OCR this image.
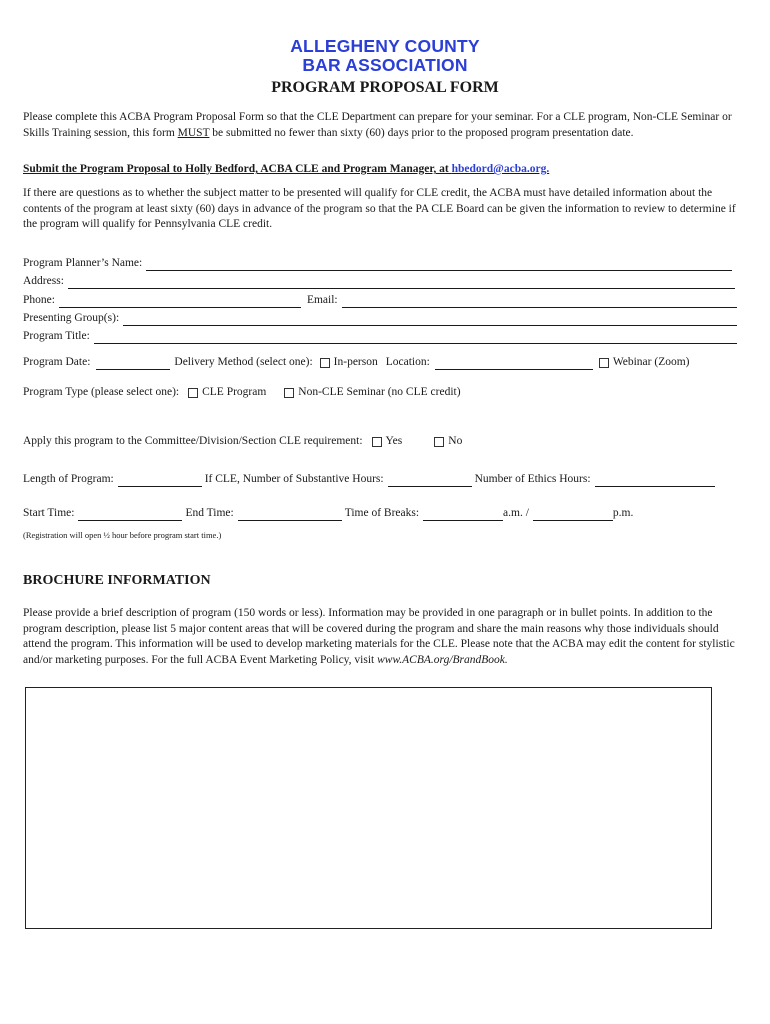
ALLEGHENY COUNTY
BAR ASSOCIATION
PROGRAM PROPOSAL FORM
Please complete this ACBA Program Proposal Form so that the CLE Department can prepare for your seminar. For a CLE program, Non-CLE Seminar or Skills Training session, this form MUST be submitted no fewer than sixty (60) days prior to the proposed program presentation date.
Submit the Program Proposal to Holly Bedford, ACBA CLE and Program Manager, at hbedord@acba.org.
If there are questions as to whether the subject matter to be presented will qualify for CLE credit, the ACBA must have detailed information about the contents of the program at least sixty (60) days in advance of the program so that the PA CLE Board can be given the information to review to determine if the program will qualify for Pennsylvania CLE credit.
Program Planner’s Name:
Address:
Phone:	Email:
Presenting Group(s):
Program Title:
Program Date:	Delivery Method (select one): In-person Location:	Webinar (Zoom)
Program Type (please select one): CLE Program	Non-CLE Seminar (no CLE credit)
Apply this program to the Committee/Division/Section CLE requirement: Yes	No
Length of Program:	If CLE, Number of Substantive Hours:	Number of Ethics Hours:
Start Time:	End Time:	Time of Breaks:	a.m. /	p.m.
(Registration will open ½ hour before program start time.)
BROCHURE INFORMATION
Please provide a brief description of program (150 words or less). Information may be provided in one paragraph or in bullet points. In addition to the program description, please list 5 major content areas that will be covered during the program and share the main reasons why those individuals should attend the program. This information will be used to develop marketing materials for the CLE. Please note that the ACBA may edit the content for stylistic and/or marketing purposes. For the full ACBA Event Marketing Policy, visit www.ACBA.org/BrandBook.
